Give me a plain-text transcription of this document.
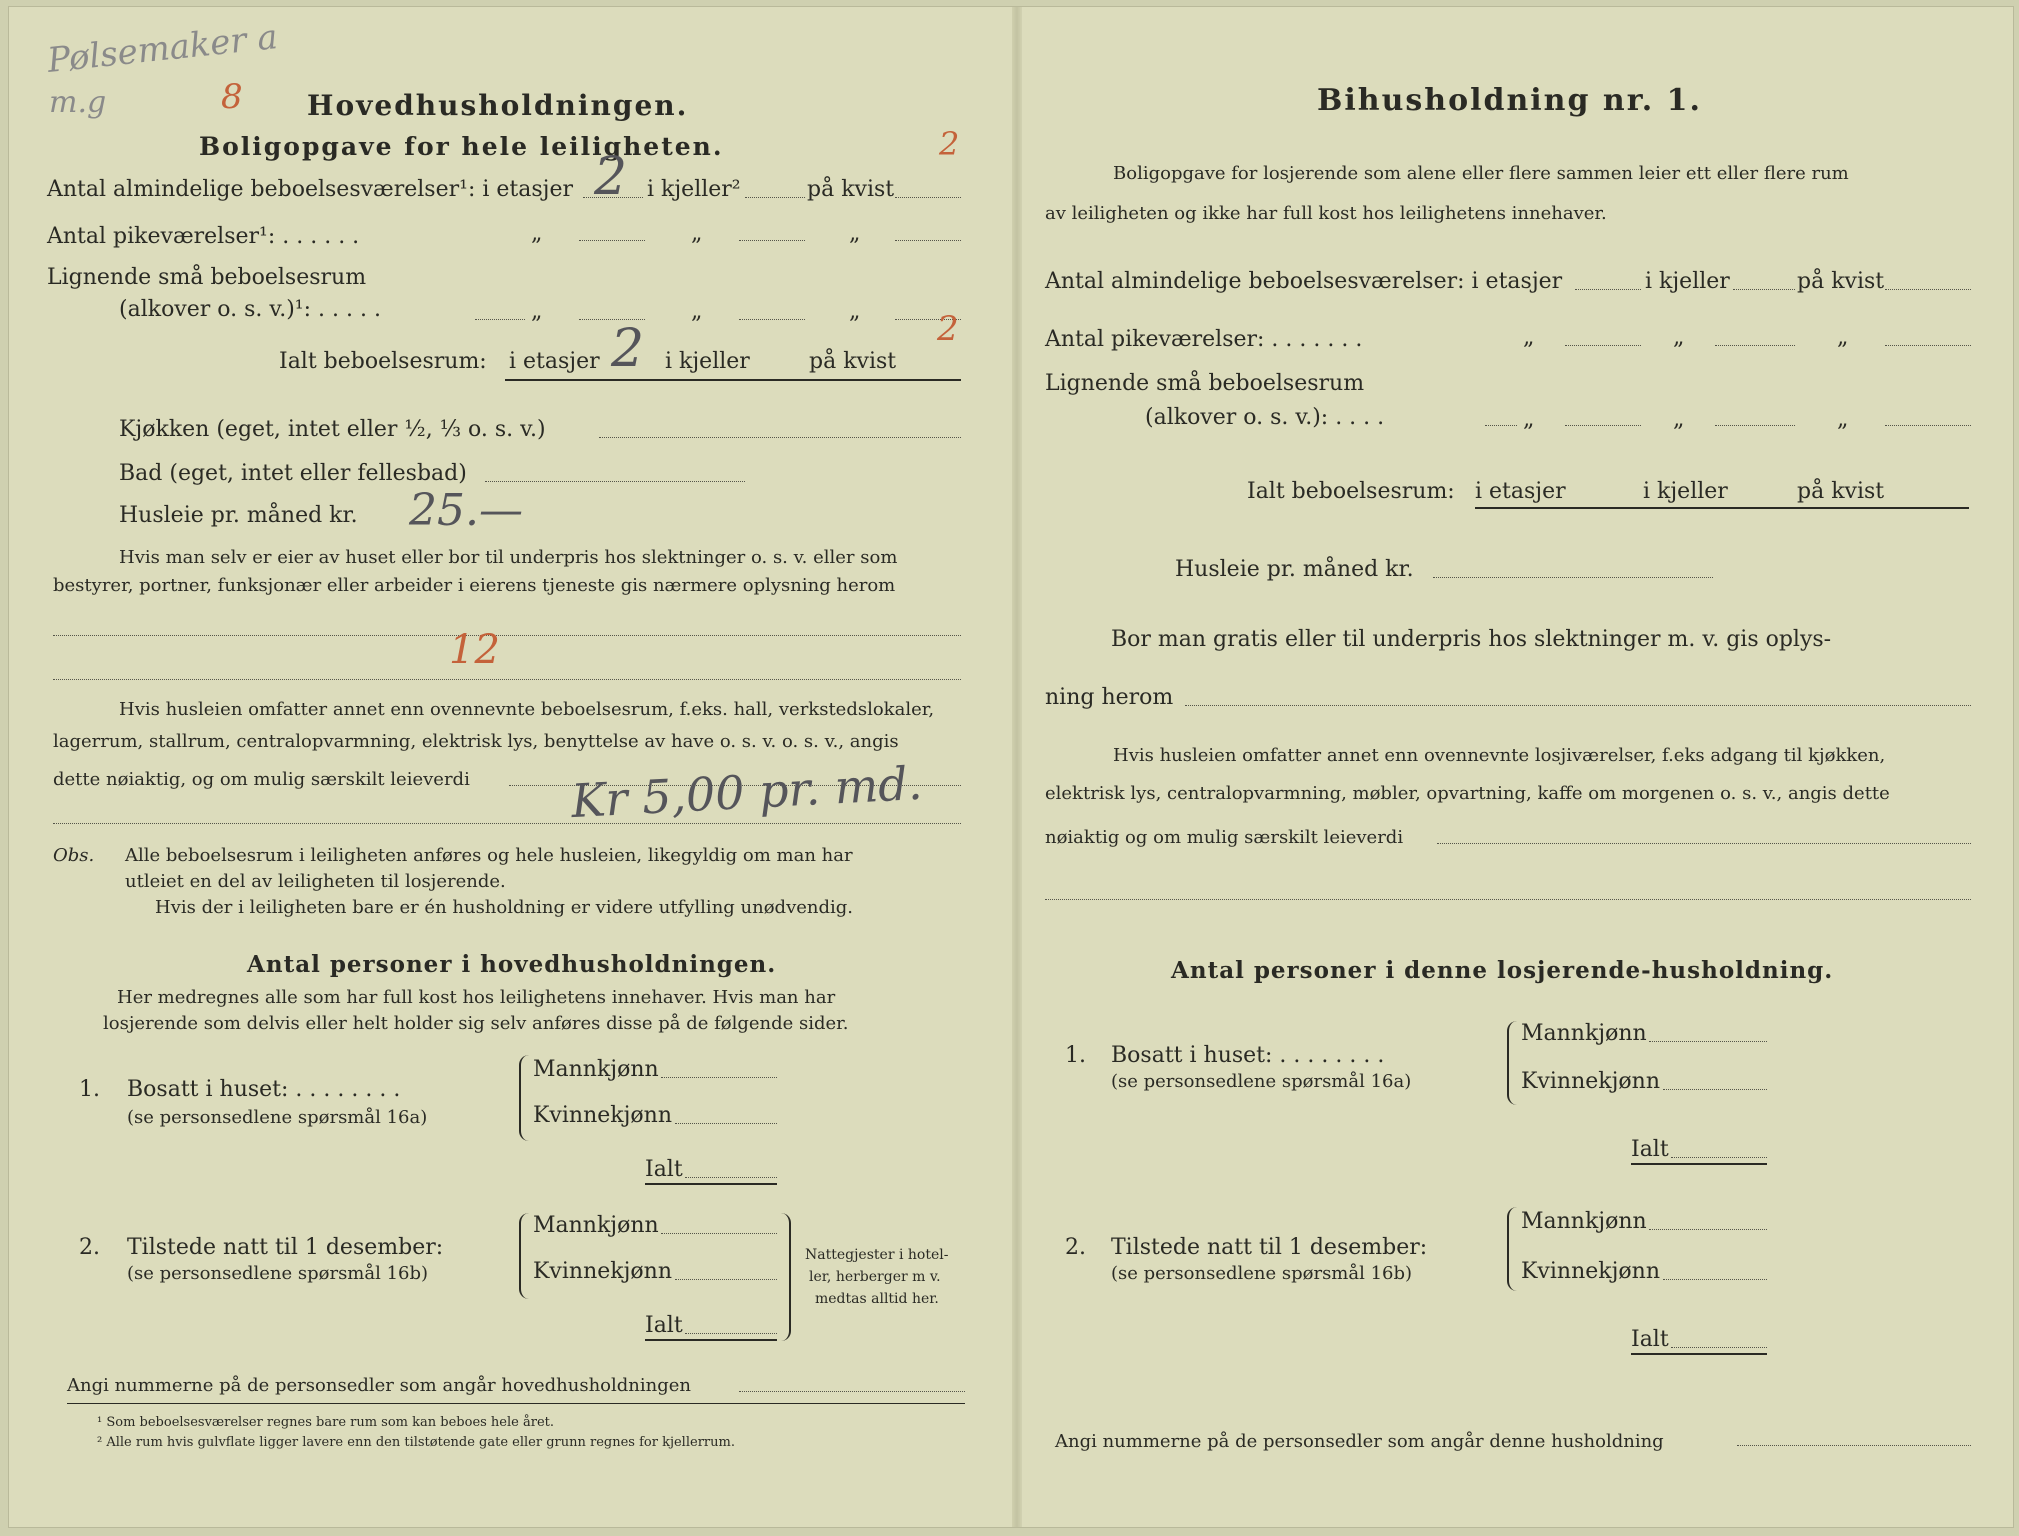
Pølsemaker a
m.g	8 Hovedhusholdningen.
Boligopgave for hele leiligheten.	2
Antal almindelige beboelsesværelser¹: i etasjer 2 i kjeller²	på kvist
Antal pikeværelser¹: . . . . . .	„	„	„
Lignende små beboelsesrum
(alkover o. s. v.)¹: . . . . .	„	„	„
Ialt beboelsesrum: i etasjer 2 i kjeller	på kvist
2
Kjøkken (eget, intet eller ½, ⅓ o. s. v.)
Bad (eget, intet eller fellesbad)
Husleie pr. måned kr. 25.—
Hvis man selv er eier av huset eller bor til underpris hos slektninger o. s. v. eller som
bestyrer, portner, funksjonær eller arbeider i eierens tjeneste gis nærmere oplysning herom
12
Hvis husleien omfatter annet enn ovennevnte beboelsesrum, f.eks. hall, verkstedslokaler,
lagerrum, stallrum, centralopvarmning, elektrisk lys, benyttelse av have o. s. v. o. s. v., angis
dette nøiaktig, og om mulig særskilt leieverdi Kr 5,00 pr. md.
Obs. Alle beboelsesrum i leiligheten anføres og hele husleien, likegyldig om man har
utleiet en del av leiligheten til losjerende.
Hvis der i leiligheten bare er én husholdning er videre utfylling unødvendig.
Antal personer i hovedhusholdningen.
Her medregnes alle som har full kost hos leilighetens innehaver. Hvis man har
losjerende som delvis eller helt holder sig selv anføres disse på de følgende sider.
1. Bosatt i huset: . . . . . . . .
(se personsedlene spørsmål 16a)
Mannkjønn
Kvinnekjønn
Ialt
2. Tilstede natt til 1 desember:
(se personsedlene spørsmål 16b)
Mannkjønn
Kvinnekjønn
Ialt
Nattegjester i hotel-
ler, herberger m v.
medtas alltid her.
Angi nummerne på de personsedler som angår hovedhusholdningen
¹ Som beboelsesværelser regnes bare rum som kan beboes hele året.
² Alle rum hvis gulvflate ligger lavere enn den tilstøtende gate eller grunn regnes for kjellerrum.
Bihusholdning nr. 1.
Boligopgave for losjerende som alene eller flere sammen leier ett eller flere rum
av leiligheten og ikke har full kost hos leilighetens innehaver.
Antal almindelige beboelsesværelser: i etasjer	i kjeller	på kvist
Antal pikeværelser: . . . . . . .	„	„	„
Lignende små beboelsesrum
(alkover o. s. v.): . . . .	„	„	„
Ialt beboelsesrum: i etasjer	i kjeller	på kvist
Husleie pr. måned kr.
Bor man gratis eller til underpris hos slektninger m. v. gis oplys-
ning herom
Hvis husleien omfatter annet enn ovennevnte losjiværelser, f.eks adgang til kjøkken,
elektrisk lys, centralopvarmning, møbler, opvartning, kaffe om morgenen o. s. v., angis dette
nøiaktig og om mulig særskilt leieverdi
Antal personer i denne losjerende-husholdning.
1. Bosatt i huset: . . . . . . . .
(se personsedlene spørsmål 16a)
Mannkjønn
Kvinnekjønn
Ialt
2. Tilstede natt til 1 desember:
(se personsedlene spørsmål 16b)
Mannkjønn
Kvinnekjønn
Ialt
Angi nummerne på de personsedler som angår denne husholdning
